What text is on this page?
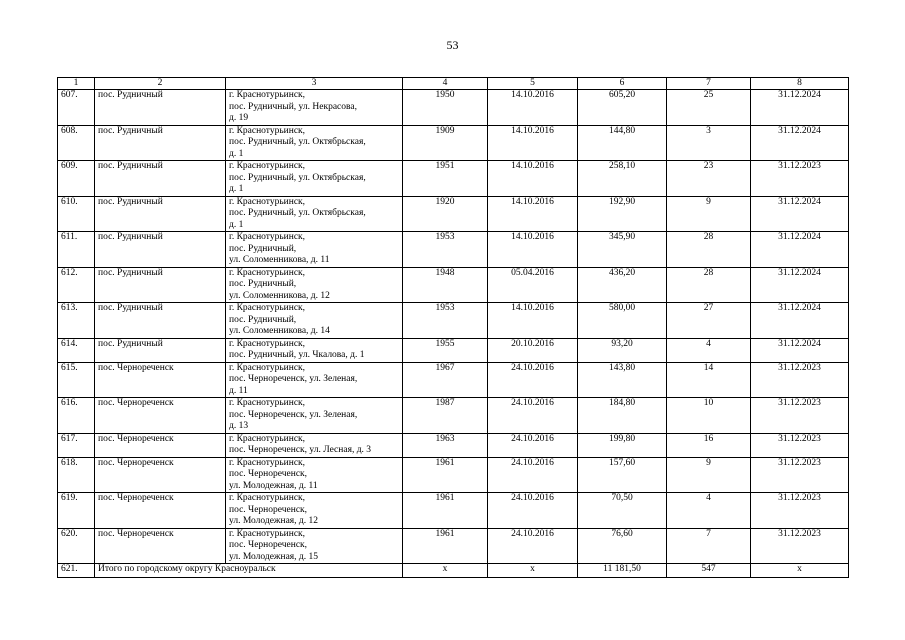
53
1	2	3	4	5	6	7	8
607.	пос. Рудничный	г. Краснотурьинск,
пос. Рудничный, ул. Некрасова,
д. 19	1950	14.10.2016	605,20	25	31.12.2024
608.	пос. Рудничный	г. Краснотурьинск,
пос. Рудничный, ул. Октябрьская,
д. 1	1909	14.10.2016	144,80	3	31.12.2024
609.	пос. Рудничный	г. Краснотурьинск,
пос. Рудничный, ул. Октябрьская,
д. 1	1951	14.10.2016	258,10	23	31.12.2023
610.	пос. Рудничный	г. Краснотурьинск,
пос. Рудничный, ул. Октябрьская,
д. 1	1920	14.10.2016	192,90	9	31.12.2024
611.	пос. Рудничный	г. Краснотурьинск,
пос. Рудничный,
ул. Соломенникова, д. 11	1953	14.10.2016	345,90	28	31.12.2024
612.	пос. Рудничный	г. Краснотурьинск,
пос. Рудничный,
ул. Соломенникова, д. 12	1948	05.04.2016	436,20	28	31.12.2024
613.	пос. Рудничный	г. Краснотурьинск,
пос. Рудничный,
ул. Соломенникова, д. 14	1953	14.10.2016	580,00	27	31.12.2024
614.	пос. Рудничный	г. Краснотурьинск,
пос. Рудничный, ул. Чкалова, д. 1	1955	20.10.2016	93,20	4	31.12.2024
615.	пос. Чернореченск	г. Краснотурьинск,
пос. Чернореченск, ул. Зеленая,
д. 11	1967	24.10.2016	143,80	14	31.12.2023
616.	пос. Чернореченск	г. Краснотурьинск,
пос. Чернореченск, ул. Зеленая,
д. 13	1987	24.10.2016	184,80	10	31.12.2023
617.	пос. Чернореченск	г. Краснотурьинск,
пос. Чернореченск, ул. Лесная, д. 3	1963	24.10.2016	199,80	16	31.12.2023
618.	пос. Чернореченск	г. Краснотурьинск,
пос. Чернореченск,
ул. Молодежная, д. 11	1961	24.10.2016	157,60	9	31.12.2023
619.	пос. Чернореченск	г. Краснотурьинск,
пос. Чернореченск,
ул. Молодежная, д. 12	1961	24.10.2016	70,50	4	31.12.2023
620.	пос. Чернореченск	г. Краснотурьинск,
пос. Чернореченск,
ул. Молодежная, д. 15	1961	24.10.2016	76,60	7	31.12.2023
621.	Итого по городскому округу Красноуральск		х	х	11 181,50	547	х
